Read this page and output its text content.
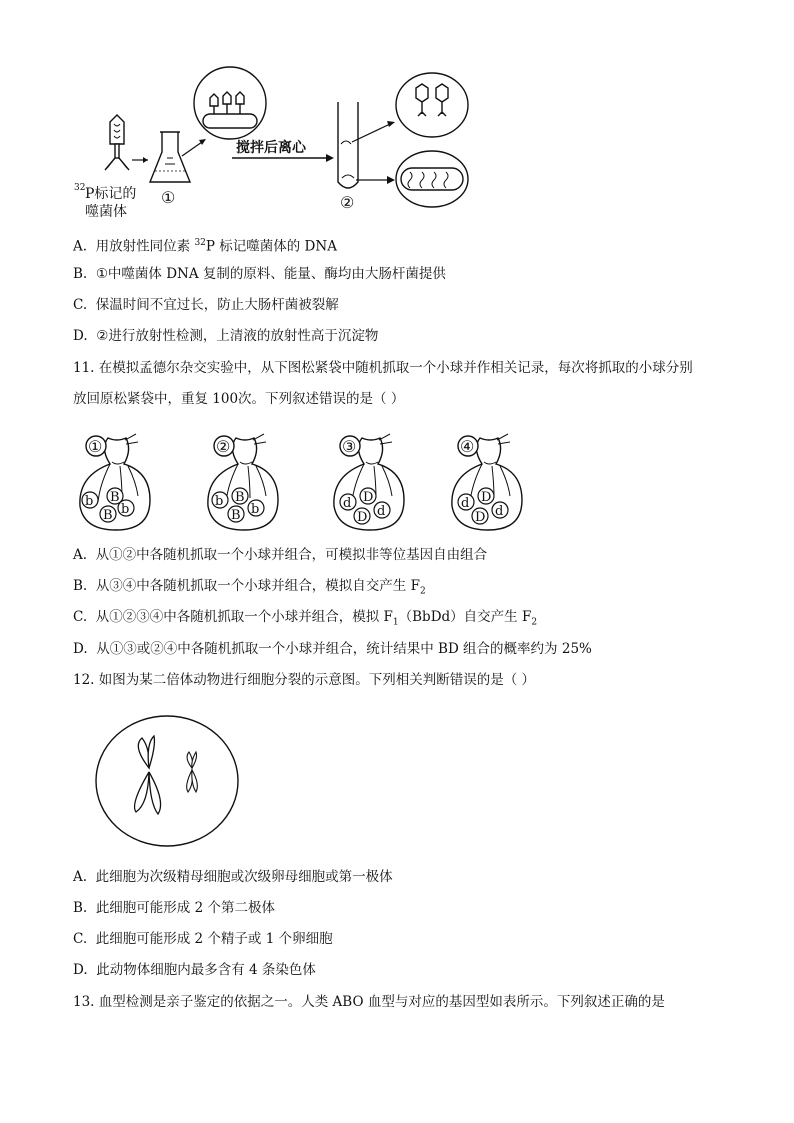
32 P标记的
噬菌体
①
搅拌后离心
②
A. 用放射性同位素 $^{32}$P 标记噬菌体的 DNA
B. ①中噬菌体 DNA 复制的原料、能量、酶均由大肠杆菌提供
C. 保温时间不宜过长，防止大肠杆菌被裂解
D. ②进行放射性检测，上清液的放射性高于沉淀物
11. 在模拟孟德尔杂交实验中，从下图松紧袋中随机抓取一个小球并作相关记录，每次将抓取的小球分别
放回原松紧袋中，重复 100次。下列叙述错误的是（ ）
①
b B
B b
②
b B
B b
③
d D
D d
④
d D
D d
A. 从①②中各随机抓取一个小球并组合，可模拟非等位基因自由组合
B. 从③④中各随机抓取一个小球并组合，模拟自交产生 $F_2$
C. 从①②③④中各随机抓取一个小球并组合，模拟 $F_1(BbDd)$自交产生 $F_2$
D. 从①③或②④中各随机抓取一个小球并组合，统计结果中 BD 组合的概率约为 25%
12. 如图为某二倍体动物进行细胞分裂的示意图。下列相关判断错误的是（ ）
A. 此细胞为次级精母细胞或次级卵母细胞或第一极体
B. 此细胞可能形成 2 个第二极体
C. 此细胞可能形成 2 个精子或 1 个卵细胞
D. 此动物体细胞内最多含有 4 条染色体
13. 血型检测是亲子鉴定的依据之一。人类 ABO 血型与对应的基因型如表所示。下列叙述正确的是
